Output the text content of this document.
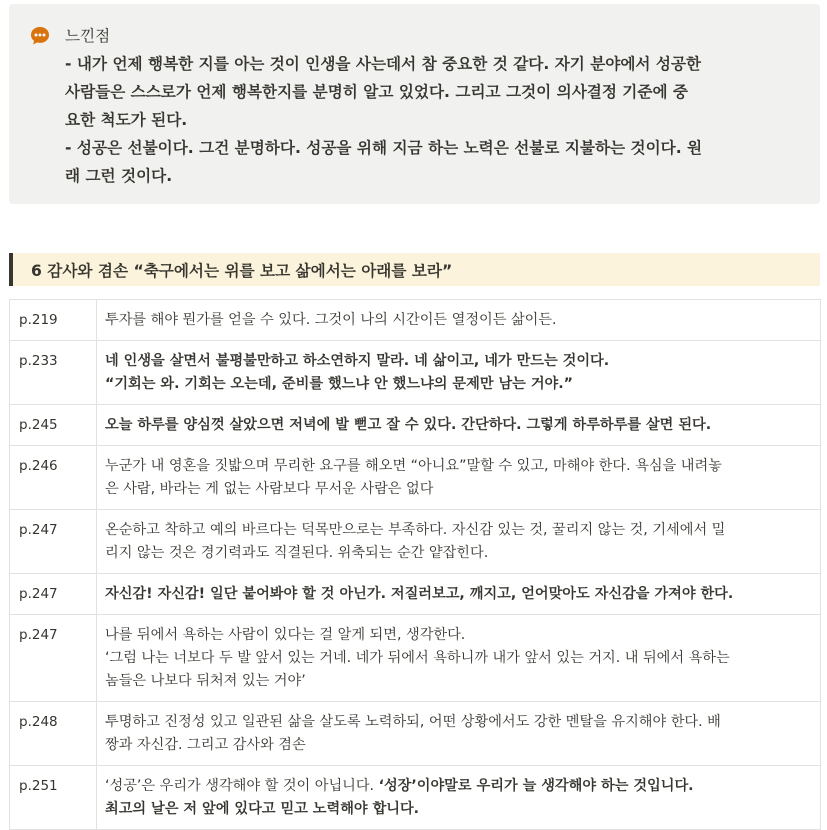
느낀점

- 내가 언제 행복한 지를 아는 것이 인생을 사는데서 참 중요한 것 같다. 자기 분야에서 성공한

사람들은 스스로가 언제 행복한지를 분명히 알고 있었다. 그리고 그것이 의사결정 기준에 중

요한 척도가 된다.

- 성공은 선불이다. 그건 분명하다. 성공을 위해 지금 하는 노력은 선불로 지불하는 것이다. 원

래 그런 것이다.

6 감사와 겸손 “축구에서는 위를 보고 삶에서는 아래를 보라”
p.219	투자를 해야 뭔가를 얻을 수 있다. 그것이 나의 시간이든 열정이든 삶이든.

p.233	네 인생을 살면서 불평불만하고 하소연하지 말라. 네 삶이고, 네가 만드는 것이다.
“기회는 와. 기회는 오는데, 준비를 했느냐 안 했느냐의 문제만 남는 거야.”

p.245	오늘 하루를 양심껏 살았으면 저녁에 발 뻗고 잘 수 있다. 간단하다. 그렇게 하루하루를 살면 된다.

p.246	누군가 내 영혼을 짓밟으며 무리한 요구를 해오면 “아니요”말할 수 있고, 마해야 한다. 욕심을 내려놓
은 사람, 바라는 게 없는 사람보다 무서운 사람은 없다

p.247	온순하고 착하고 예의 바르다는 덕목만으로는 부족하다. 자신감 있는 것, 꿀리지 않는 것, 기세에서 밀
리지 않는 것은 경기력과도 직결된다. 위축되는 순간 얕잡힌다.

p.247	자신감! 자신감! 일단 붙어봐야 할 것 아닌가. 저질러보고, 깨지고, 얻어맞아도 자신감을 가져야 한다.

p.247	나를 뒤에서 욕하는 사람이 있다는 걸 알게 되면, 생각한다.
‘그럼 나는 너보다 두 발 앞서 있는 거네. 네가 뒤에서 욕하니까 내가 앞서 있는 거지. 내 뒤에서 욕하는
놈들은 나보다 뒤처져 있는 거야’

p.248	투명하고 진정성 있고 일관된 삶을 살도록 노력하되, 어떤 상황에서도 강한 멘탈을 유지해야 한다. 배
짱과 자신감. 그리고 감사와 겸손

p.251	‘성공’은 우리가 생각해야 할 것이 아닙니다. ‘성장’이야말로 우리가 늘 생각해야 하는 것입니다.
최고의 날은 저 앞에 있다고 믿고 노력해야 합니다.
